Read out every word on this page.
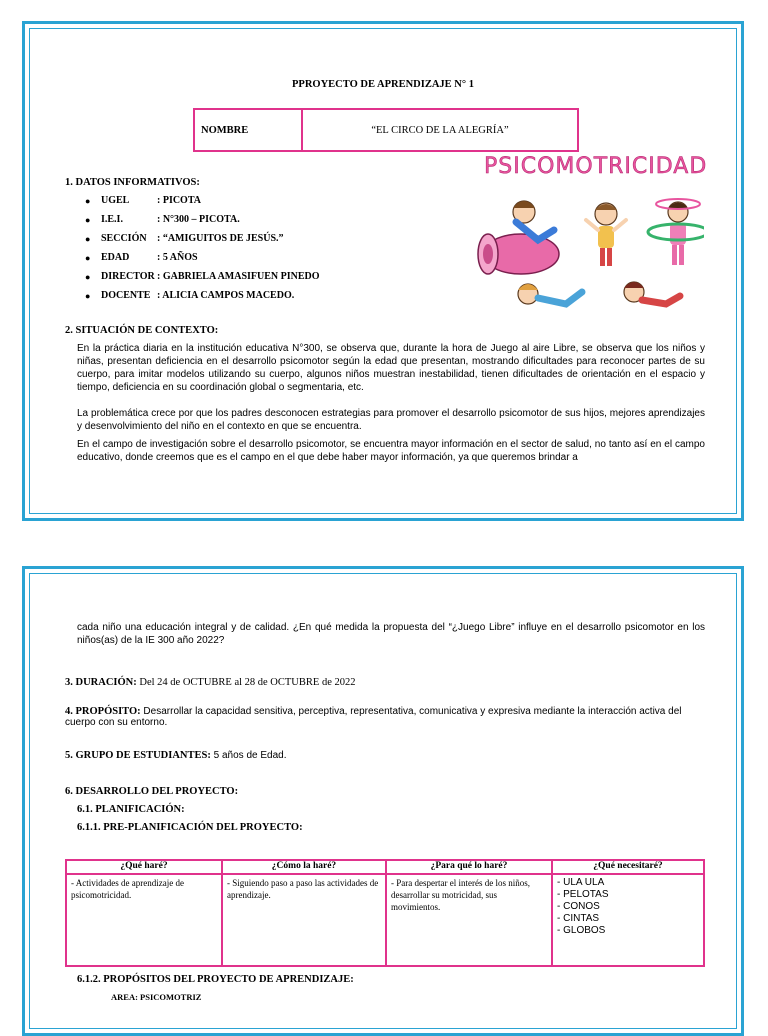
PPROYECTO DE APRENDIZAJE N° 1
NOMBRE	“EL CIRCO DE LA ALEGRÍA”
1. DATOS INFORMATIVOS:
●	UGEL	: PICOTA
●	I.E.I.	: N°300 – PICOTA.
●	SECCIÓN	: “AMIGUITOS DE JESÚS.”
●	EDAD	: 5 AÑOS
●	DIRECTOR : GABRIELA AMASIFUEN PINEDO
●	DOCENTE : ALICIA CAMPOS MACEDO.
PSICOMOTRICIDAD
2. SITUACIÓN DE CONTEXTO:
En la práctica diaria en la institución educativa N°300, se observa que, durante la hora de Juego al aire Libre, se observa que los niños y niñas, presentan deficiencia en el desarrollo psicomotor según la edad que presentan, mostrando dificultades para reconocer partes de su cuerpo, para imitar modelos utilizando su cuerpo, algunos niños muestran inestabilidad, tienen dificultades de orientación en el espacio y tiempo, deficiencia en su coordinación global o segmentaria, etc.
La problemática crece por que los padres desconocen estrategias para promover el desarrollo psicomotor de sus hijos, mejores aprendizajes y desenvolvimiento del niño en el contexto en que se encuentra.
En el campo de investigación sobre el desarrollo psicomotor, se encuentra mayor información en el sector de salud, no tanto así en el campo educativo, donde creemos que es el campo en el que debe haber mayor información, ya que queremos brindar a
cada niño una educación integral y de calidad. ¿En qué medida la propuesta del “¿Juego Libre” influye en el desarrollo psicomotor en los niños(as) de la IE 300 año 2022?
3. DURACIÓN: Del 24 de OCTUBRE al 28 de OCTUBRE de 2022
4. PROPÓSITO: Desarrollar la capacidad sensitiva, perceptiva, representativa, comunicativa y expresiva mediante la interacción activa del cuerpo con su entorno.
5. GRUPO DE ESTUDIANTES: 5 años de Edad.
6. DESARROLLO DEL PROYECTO:
6.1. PLANIFICACIÓN:
6.1.1. PRE-PLANIFICACIÓN DEL PROYECTO:
¿Qué haré?	¿Cómo la haré?	¿Para qué lo haré?	¿Qué necesitaré?
- Actividades de aprendizaje de psicomotricidad.	- Siguiendo paso a paso las actividades de aprendizaje.	- Para despertar el interés de los niños, desarrollar su motricidad, sus movimientos.	- ULA ULA
- PELOTAS
- CONOS
- CINTAS
- GLOBOS
6.1.2. PROPÓSITOS DEL PROYECTO DE APRENDIZAJE:
AREA: PSICOMOTRIZ
